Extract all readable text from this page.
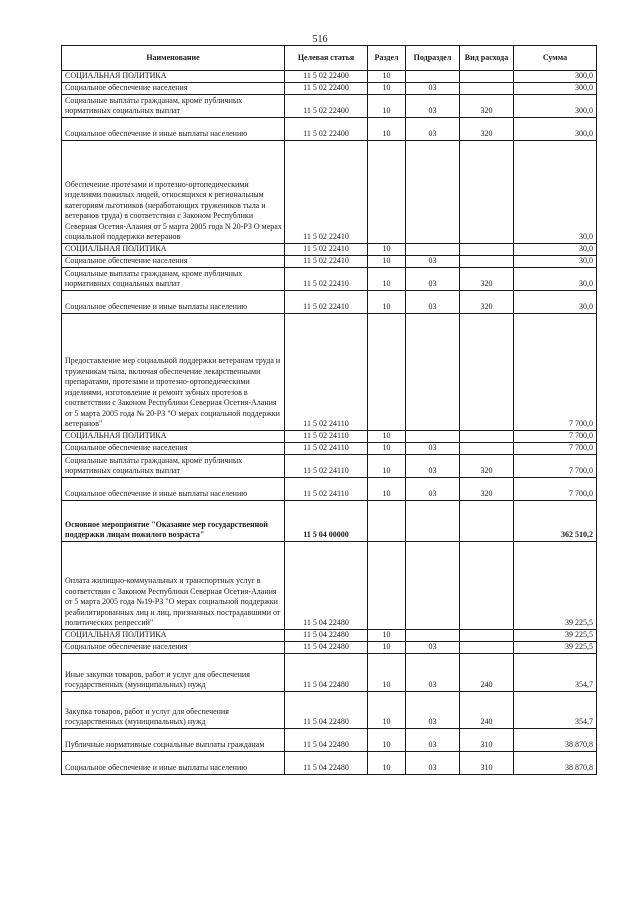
516
Наименование	Целевая статья	Раздел	Подраздел	Вид расхода	Сумма
СОЦИАЛЬНАЯ ПОЛИТИКА	11 5 02 22400	10			300,0
Социальное обеспечение населения	11 5 02 22400	10	03		300,0
Социальные выплаты гражданам, кроме публичных нормативных социальных выплат	11 5 02 22400	10	03	320	300,0
Социальное обеспечение и иные выплаты населению	11 5 02 22400	10	03	320	300,0
Обеспечение протезами и протезно-ортопедическими изделиями пожилых людей, относящихся к региональным категориям льготников (неработающих тружеников тыла и ветеранов труда) в соответствии с Законом Республики Северная Осетия-Алания от 5 марта 2005 года N 20-РЗ О мерах социальной поддержки ветеранов	11 5 02 22410				30,0
СОЦИАЛЬНАЯ ПОЛИТИКА	11 5 02 22410	10			30,0
Социальное обеспечение населения	11 5 02 22410	10	03		30,0
Социальные выплаты гражданам, кроме публичных нормативных социальных выплат	11 5 02 22410	10	03	320	30,0
Социальное обеспечение и иные выплаты населению	11 5 02 22410	10	03	320	30,0
Предоставление мер социальной поддержки ветеранам труда и труженикам тыла, включая обеспечение лекарственными препаратами, протезами и протезно-ортопедическими изделиями, изготовление и ремонт зубных протезов в соответствии с Законом Республики Северная Осетия-Алания от 5 марта 2005 года № 20-РЗ "О мерах социальной поддержки ветеранов"	11 5 02 24110				7 700,0
СОЦИАЛЬНАЯ ПОЛИТИКА	11 5 02 24110	10			7 700,0
Социальное обеспечение населения	11 5 02 24110	10	03		7 700,0
Социальные выплаты гражданам, кроме публичных нормативных социальных выплат	11 5 02 24110	10	03	320	7 700,0
Социальное обеспечение и иные выплаты населению	11 5 02 24110	10	03	320	7 700,0
Основное мероприятие "Оказание мер государственной поддержки лицам пожилого возраста"	11 5 04 00000				362 510,2
Оплата жилищно-коммунальных и транспортных услуг в соответствии с Законом Республики Северная Осетия-Алания от 5 марта 2005 года №19-РЗ "О мерах социальной поддержки реабилитированных лиц и лиц, признанных пострадавшими от политических репрессий"	11 5 04 22480				39 225,5
СОЦИАЛЬНАЯ ПОЛИТИКА	11 5 04 22480	10			39 225,5
Социальное обеспечение населения	11 5 04 22480	10	03		39 225,5
Иные закупки товаров, работ и услуг для обеспечения государственных (муниципальных) нужд	11 5 04 22480	10	03	240	354,7
Закупка товаров, работ и услуг для обеспечения государственных (муниципальных) нужд	11 5 04 22480	10	03	240	354,7
Публичные нормативные социальные выплаты гражданам	11 5 04 22480	10	03	310	38 870,8
Социальное обеспечение и иные выплаты населению	11 5 04 22480	10	03	310	38 870,8
